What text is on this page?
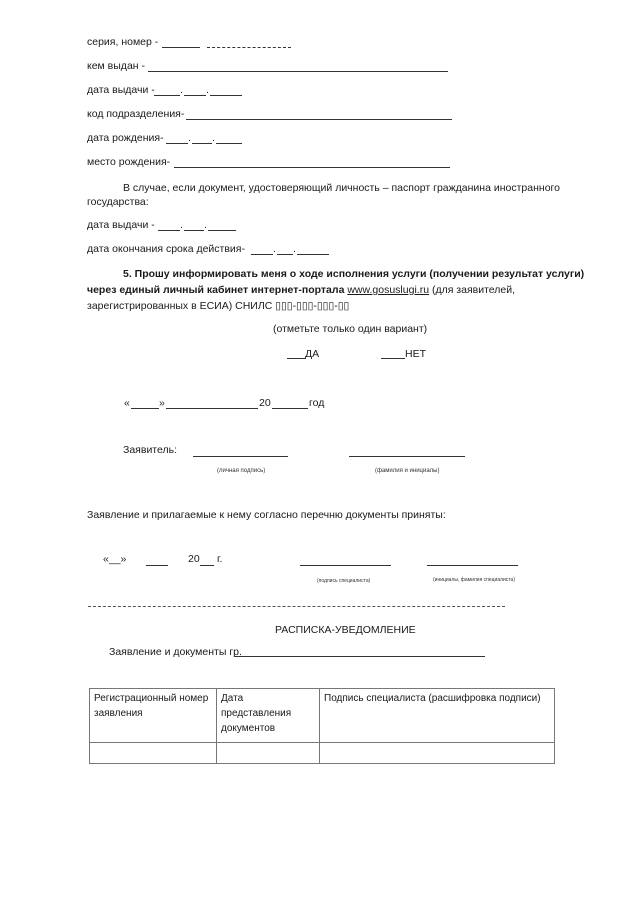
серия, номер -
кем выдан -
дата выдачи - . .
код подразделения-
дата рождения- . .
место рождения-
В случае, если документ, удостоверяющий личность – паспорт гражданина иностранного
государства:
дата выдачи - . .
дата окончания срока действия-	. .
5. Прошу информировать меня о ходе исполнения услуги (получении результат услуги)
через единый личный кабинет интернет-портала www.gosuslugi.ru (для заявителей,
зарегистрированных в ЕСИА) СНИЛС ▯▯▯-▯▯▯-▯▯▯-▯▯
(отметьте только один вариант)
ДА	НЕТ
«	»	20	год
Заявитель:
(личная подпись)	(фамилия и инициалы)
Заявление и прилагаемые к нему согласно перечню документы приняты:
«__»	20 г.
(подпись специалиста)	(инициалы, фамилия специалиста)
РАСПИСКА-УВЕДОМЛЕНИЕ
Заявление и документы гр.
Регистрационный номер заявления	Дата представления документов	Подпись специалиста (расшифровка подписи)
